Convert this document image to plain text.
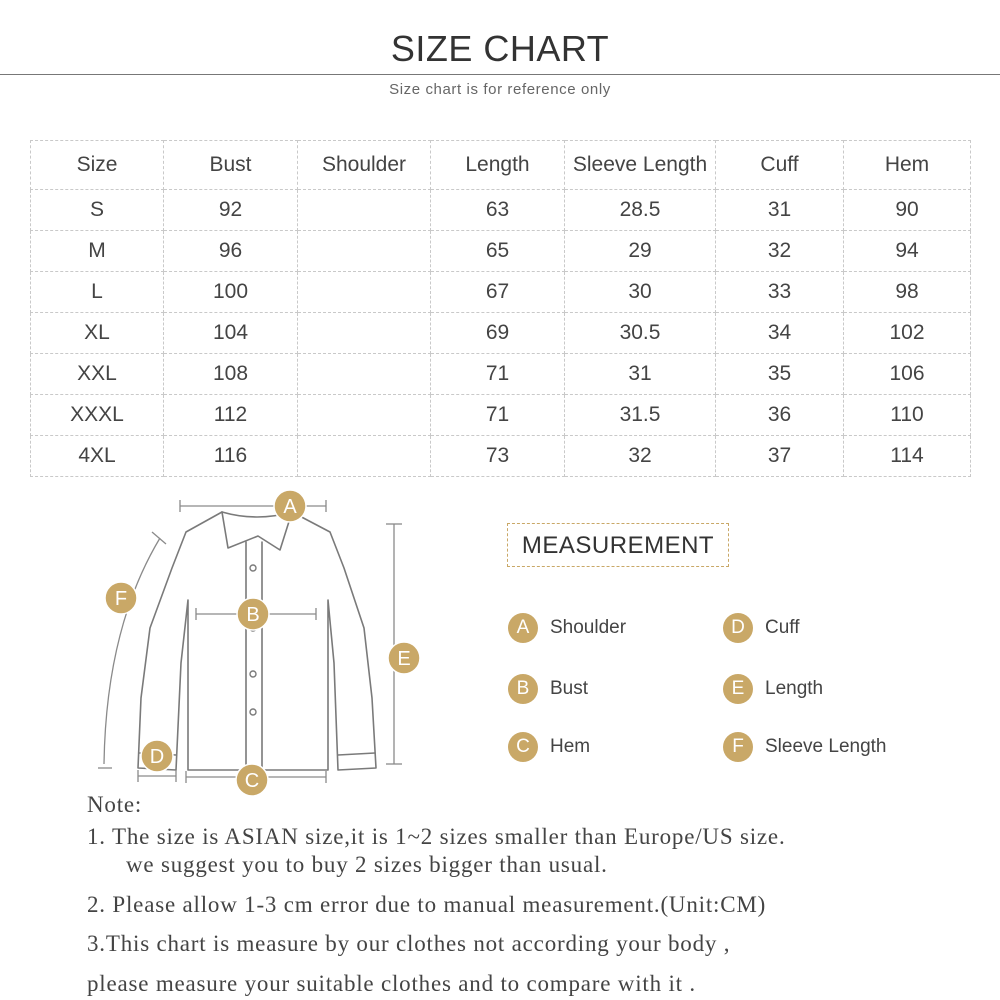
SIZE CHART
Size chart is for reference only
Size	Bust	Shoulder	Length	Sleeve Length	Cuff	Hem
S	92		63	28.5	31	90
M	96		65	29	32	94
L	100		67	30	33	98
XL	104		69	30.5	34	102
XXL	108		71	31	35	106
XXXL	112		71	31.5	36	110
4XL	116		73	32	37	114
A
B
C
D
E
F
MEASUREMENT
A	Shoulder
B	Bust
C	Hem
D	Cuff
E	Length
F	Sleeve Length
Note:
1. The size is ASIAN size,it is 1~2 sizes smaller than Europe/US size.
we suggest you to buy 2 sizes bigger than usual.
2. Please allow 1-3 cm error due to manual measurement.(Unit:CM)
3.This chart is measure by our clothes not according your body ,
please measure your suitable clothes and to compare with it .
